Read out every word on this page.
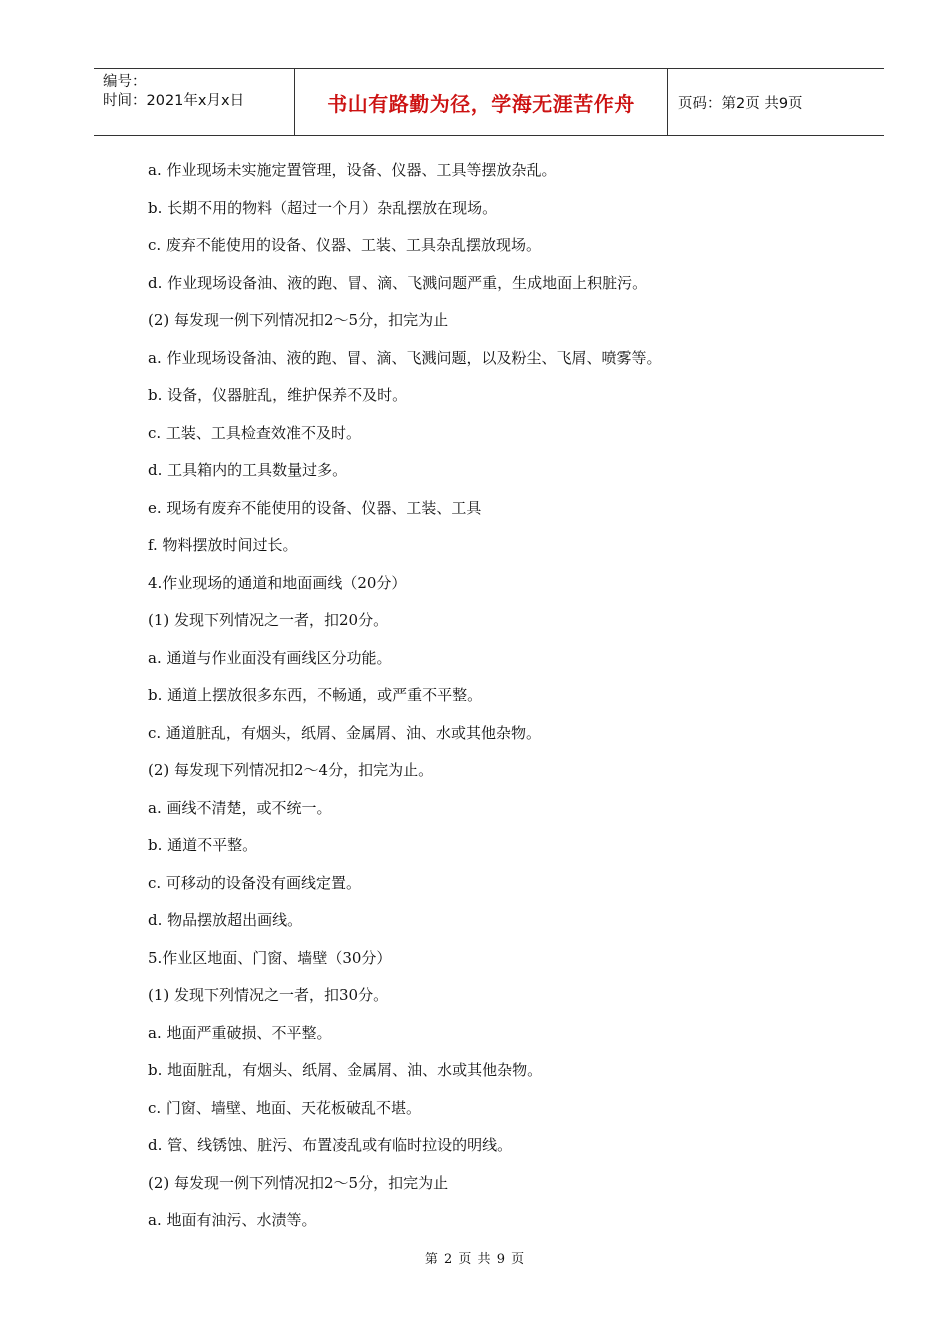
编号：
时间：2021年x月x日	书山有路勤为径，学海无涯苦作舟	页码：第2页 共9页
a. 作业现场未实施定置管理，设备、仪器、工具等摆放杂乱。
b. 长期不用的物料（超过一个月）杂乱摆放在现场。
c. 废弃不能使用的设备、仪器、工装、工具杂乱摆放现场。
d. 作业现场设备油、液的跑、冒、滴、飞溅问题严重，生成地面上积脏污。
(2) 每发现一例下列情况扣2～5分，扣完为止
a. 作业现场设备油、液的跑、冒、滴、飞溅问题，以及粉尘、飞屑、喷雾等。
b. 设备，仪器脏乱，维护保养不及时。
c. 工装、工具检查效准不及时。
d. 工具箱内的工具数量过多。
e. 现场有废弃不能使用的设备、仪器、工装、工具
f. 物料摆放时间过长。
4.作业现场的通道和地面画线（20分）
(1) 发现下列情况之一者，扣20分。
a. 通道与作业面没有画线区分功能。
b. 通道上摆放很多东西，不畅通，或严重不平整。
c. 通道脏乱，有烟头，纸屑、金属屑、油、水或其他杂物。
(2) 每发现下列情况扣2～4分，扣完为止。
a. 画线不清楚，或不统一。
b. 通道不平整。
c. 可移动的设备没有画线定置。
d. 物品摆放超出画线。
5.作业区地面、门窗、墙壁（30分）
(1) 发现下列情况之一者，扣30分。
a. 地面严重破损、不平整。
b. 地面脏乱，有烟头、纸屑、金属屑、油、水或其他杂物。
c. 门窗、墙壁、地面、天花板破乱不堪。
d. 管、线锈蚀、脏污、布置凌乱或有临时拉设的明线。
(2) 每发现一例下列情况扣2～5分，扣完为止
a. 地面有油污、水渍等。
第 2 页 共 9 页
